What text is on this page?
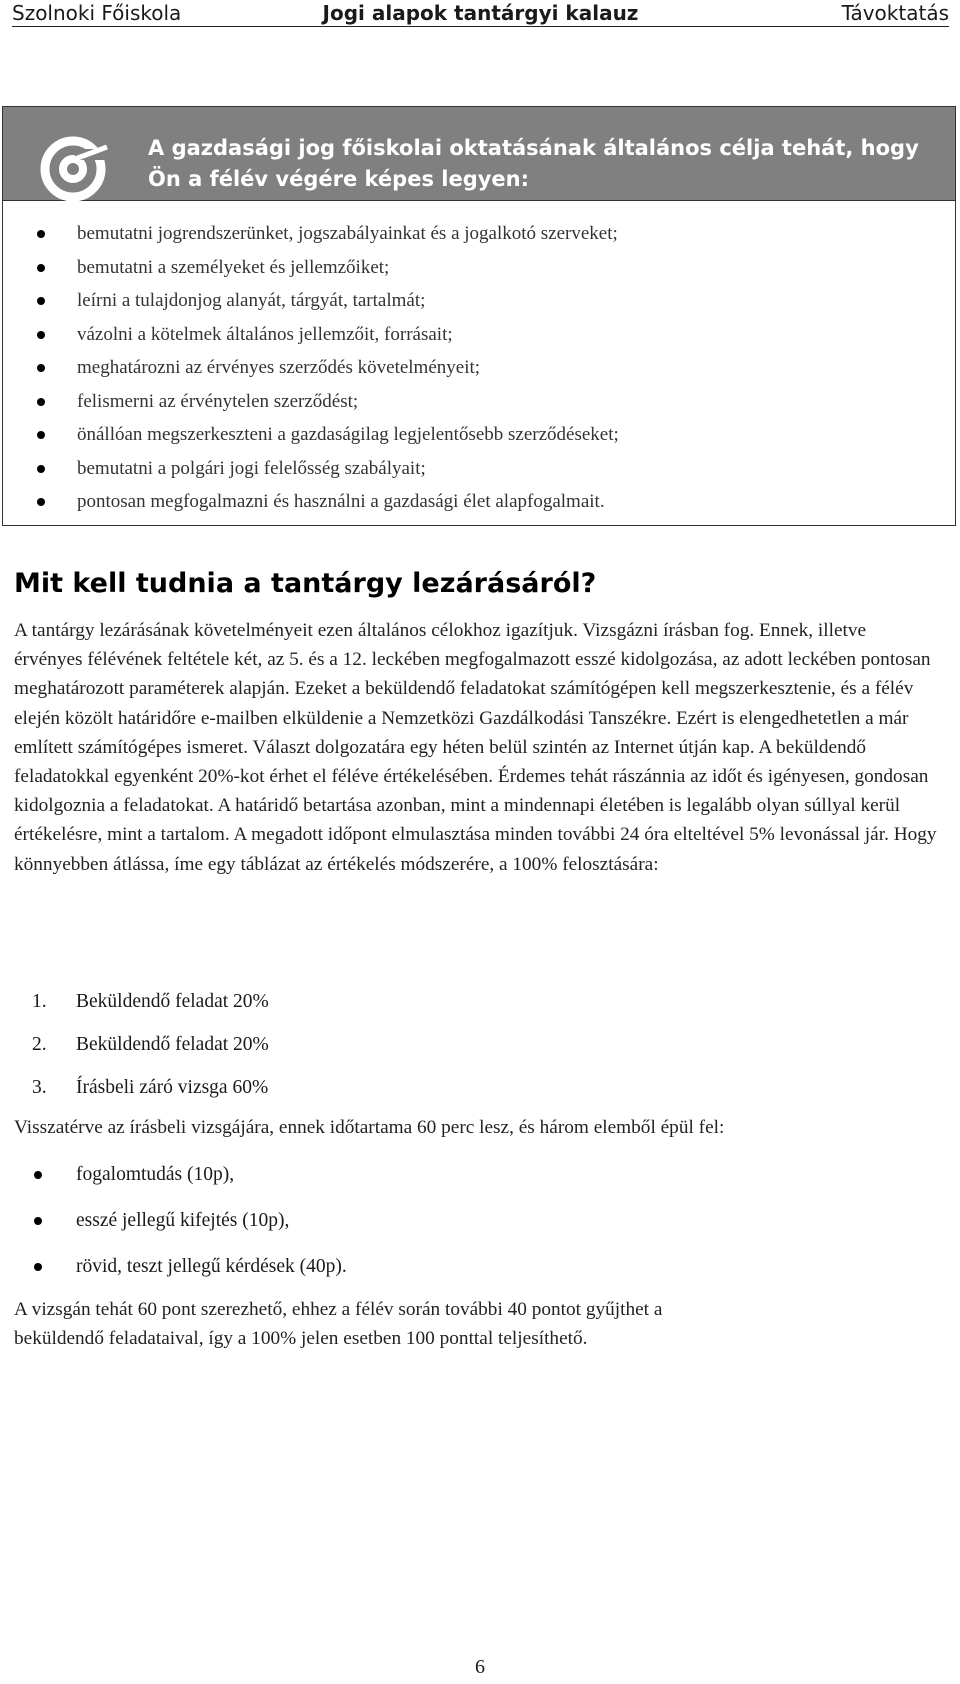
Szolnoki Főiskola	Jogi alapok tantárgyi kalauz	Távoktatás
A gazdasági jog főiskolai oktatásának általános célja tehát, hogy
Ön a félév végére képes legyen:
bemutatni jogrendszerünket, jogszabályainkat és a jogalkotó szerveket;
bemutatni a személyeket és jellemzőiket;
leírni a tulajdonjog alanyát, tárgyát, tartalmát;
vázolni a kötelmek általános jellemzőit, forrásait;
meghatározni az érvényes szerződés követelményeit;
felismerni az érvénytelen szerződést;
önállóan megszerkeszteni a gazdaságilag legjelentősebb szerződéseket;
bemutatni a polgári jogi felelősség szabályait;
pontosan megfogalmazni és használni a gazdasági élet alapfogalmait.
Mit kell tudnia a tantárgy lezárásáról?

A tantárgy lezárásának követelményeit ezen általános célokhoz igazítjuk. Vizsgázni írásban fog. Ennek, illetve érvényes félévének feltétele két, az 5. és a 12. leckében megfogalmazott esszé kidolgozása, az adott leckében pontosan meghatározott paraméterek alapján. Ezeket a beküldendő feladatokat számítógépen kell megszerkesztenie, és a félév elején közölt határidőre e-mailben elküldenie a Nemzetközi Gazdálkodási Tanszékre. Ezért is elengedhetetlen a már említett számítógépes ismeret. Választ dolgozatára egy héten belül szintén az Internet útján kap. A beküldendő feladatokkal egyenként 20%-kot érhet el féléve értékelésében. Érdemes tehát rászánnia az időt és igényesen, gondosan kidolgoznia a feladatokat. A határidő betartása azonban, mint a mindennapi életében is legalább olyan súllyal kerül értékelésre, mint a tartalom. A megadott időpont elmulasztása minden további 24 óra elteltével 5% levonással jár. Hogy könnyebben átlássa, íme egy táblázat az értékelés módszerére, a 100% felosztására:

1. Beküldendő feladat 20%
2. Beküldendő feladat 20%
3. Írásbeli záró vizsga 60%

Visszatérve az írásbeli vizsgájára, ennek időtartama 60 perc lesz, és három elemből épül fel:

fogalomtudás (10p),
esszé jellegű kifejtés (10p),
rövid, teszt jellegű kérdések (40p).

A vizsgán tehát 60 pont szerezhető, ehhez a félév során további 40 pontot gyűjthet a
beküldendő feladataival, így a 100% jelen esetben 100 ponttal teljesíthető.

6
